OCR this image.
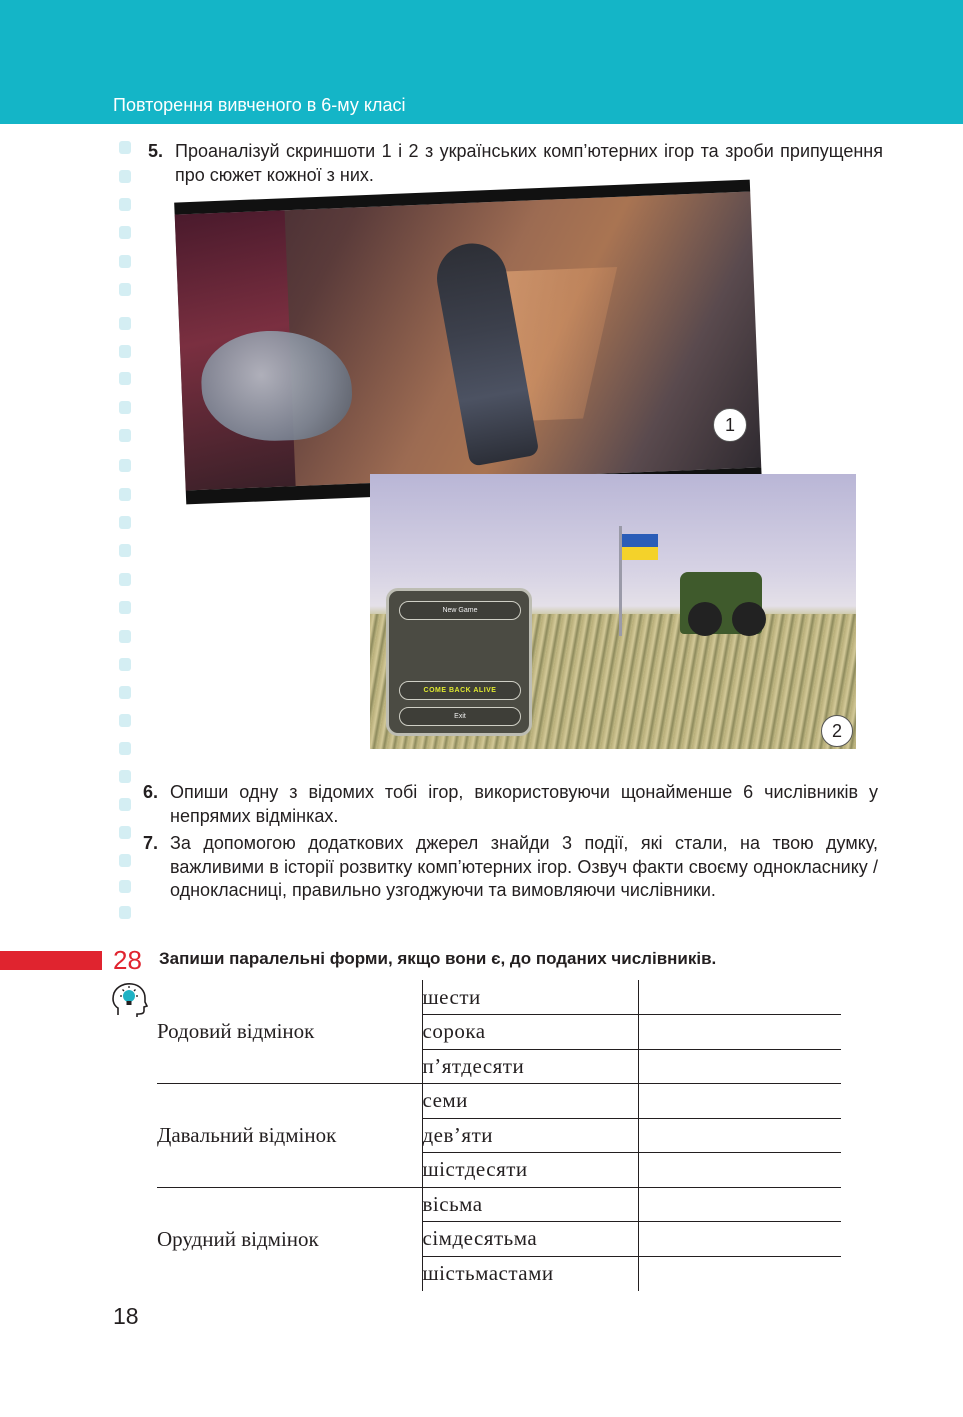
Повторення вивченого в 6-му класі
5. Проаналізуй скриншоти 1 і 2 з українських комп’ютерних ігор та зроби припущення про сюжет кожної з них.

1
New Game
COME BACK ALIVE
Exit
2
6. Опиши одну з відомих тобі ігор, використовуючи щонайменше 6 числівників у непрямих відмінках.

7. За допомогою додаткових джерел знайди 3 події, які стали, на твою думку, важливими в історії розвитку комп’ютерних ігор. Озвуч факти своєму однокласнику / однокласниці, правильно узгоджуючи та вимовляючи числівники.

28 Запиши паралельні форми, якщо вони є, до поданих числівників.
Родовий відмінок	шести	
	сорока	
	п’ятдесяти	
Давальний відмінок	семи	
	дев’яти	
	шістдесяти	
Орудний відмінок	вісьма	
	сімдесятьма	
	шістьмастами	
18
